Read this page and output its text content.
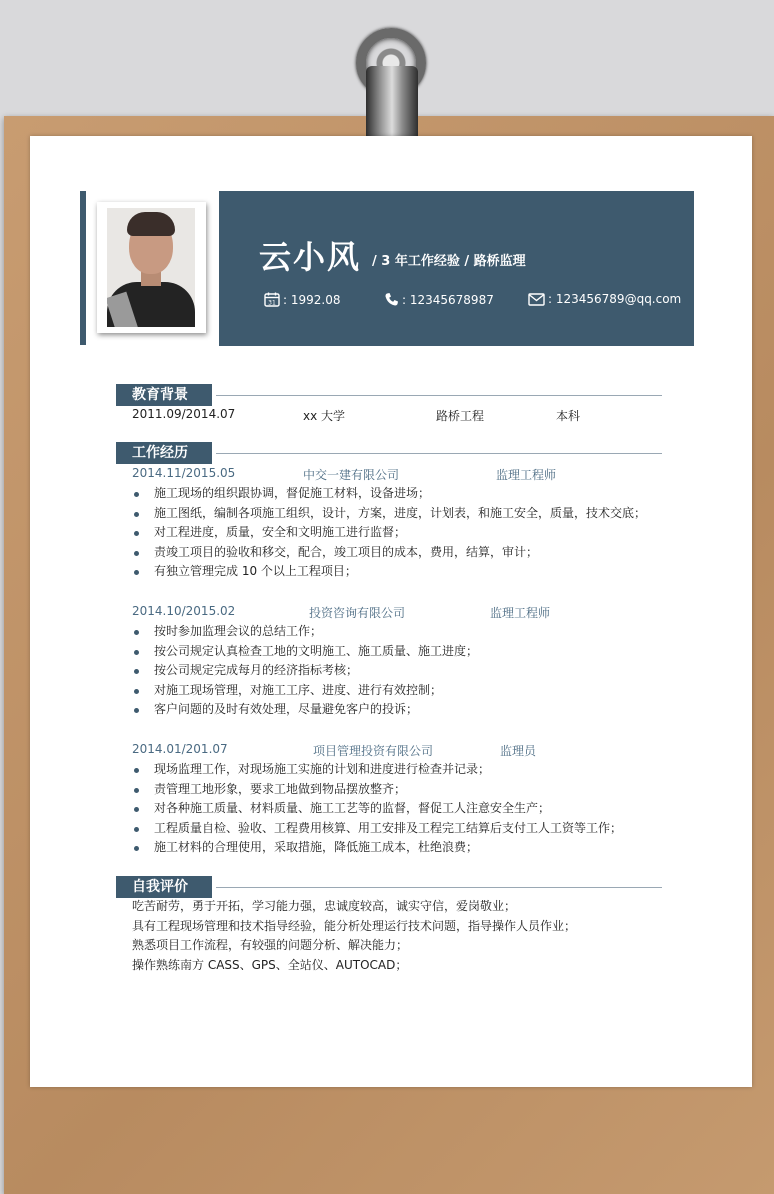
云小风 / 3 年工作经验 / 路桥监理
31 : 1992.08	: 12345678987	: 123456789@qq.com
教育背景
2011.09/2014.07	xx 大学	路桥工程	本科
工作经历
2014.11/2015.05	中交一建有限公司	监理工程师
施工现场的组织跟协调，督促施工材料，设备进场；
施工图纸，编制各项施工组织，设计，方案，进度，计划表，和施工安全，质量，技术交底；
对工程进度，质量，安全和文明施工进行监督；
责竣工项目的验收和移交，配合，竣工项目的成本，费用，结算，审计；
有独立管理完成 10 个以上工程项目；
2014.10/2015.02	投资咨询有限公司	监理工程师
按时参加监理会议的总结工作；
按公司规定认真检查工地的文明施工、施工质量、施工进度；
按公司规定完成每月的经济指标考核；
对施工现场管理，对施工工序、进度、进行有效控制；
客户问题的及时有效处理，尽量避免客户的投诉；
2014.01/201.07	项目管理投资有限公司	监理员
现场监理工作，对现场施工实施的计划和进度进行检查并记录；
责管理工地形象，要求工地做到物品摆放整齐；
对各种施工质量、材料质量、施工工艺等的监督，督促工人注意安全生产；
工程质量自检、验收、工程费用核算、用工安排及工程完工结算后支付工人工资等工作；
施工材料的合理使用，采取措施，降低施工成本，杜绝浪费；
自我评价
吃苦耐劳，勇于开拓，学习能力强，忠诚度较高，诚实守信，爱岗敬业；
具有工程现场管理和技术指导经验，能分析处理运行技术问题，指导操作人员作业；
熟悉项目工作流程，有较强的问题分析、解决能力；
操作熟练南方 CASS、GPS、全站仪、AUTOCAD；
